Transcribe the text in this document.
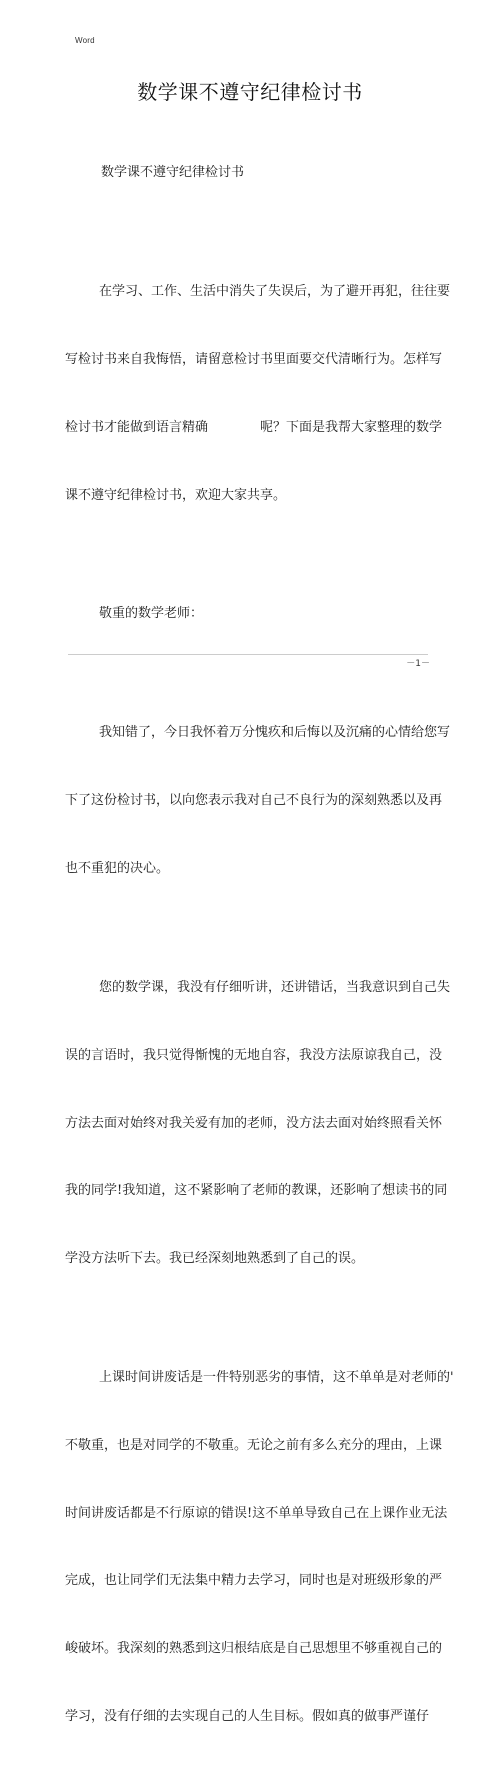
Word
数学课不遵守纪律检讨书

数学课不遵守纪律检讨书

在学习、工作、生活中消失了失误后，为了避开再犯，往往要

写检讨书来自我悔悟，请留意检讨书里面要交代清晰行为。怎样写

检讨书才能做到语言精确　　　　呢？下面是我帮大家整理的数学

课不遵守纪律检讨书，欢迎大家共享。

敬重的数学老师：

我知错了，今日我怀着万分愧疚和后悔以及沉痛的心情给您写

下了这份检讨书，以向您表示我对自己不良行为的深刻熟悉以及再

也不重犯的决心。

您的数学课，我没有仔细听讲，还讲错话，当我意识到自己失

误的言语时，我只觉得惭愧的无地自容，我没方法原谅我自己，没

方法去面对始终对我关爱有加的老师，没方法去面对始终照看关怀

我的同学!我知道，这不紧影响了老师的教课，还影响了想读书的同

学没方法听下去。我已经深刻地熟悉到了自己的误。

上课时间讲废话是一件特别恶劣的事情，这不单单是对老师的'

不敬重，也是对同学的不敬重。无论之前有多么充分的理由，上课

时间讲废话都是不行原谅的错误!这不单单导致自己在上课作业无法

完成，也让同学们无法集中精力去学习，同时也是对班级形象的严

峻破坏。我深刻的熟悉到这归根结底是自己思想里不够重视自己的

学习，没有仔细的去实现自己的人生目标。假如真的做事严谨仔

－1－
